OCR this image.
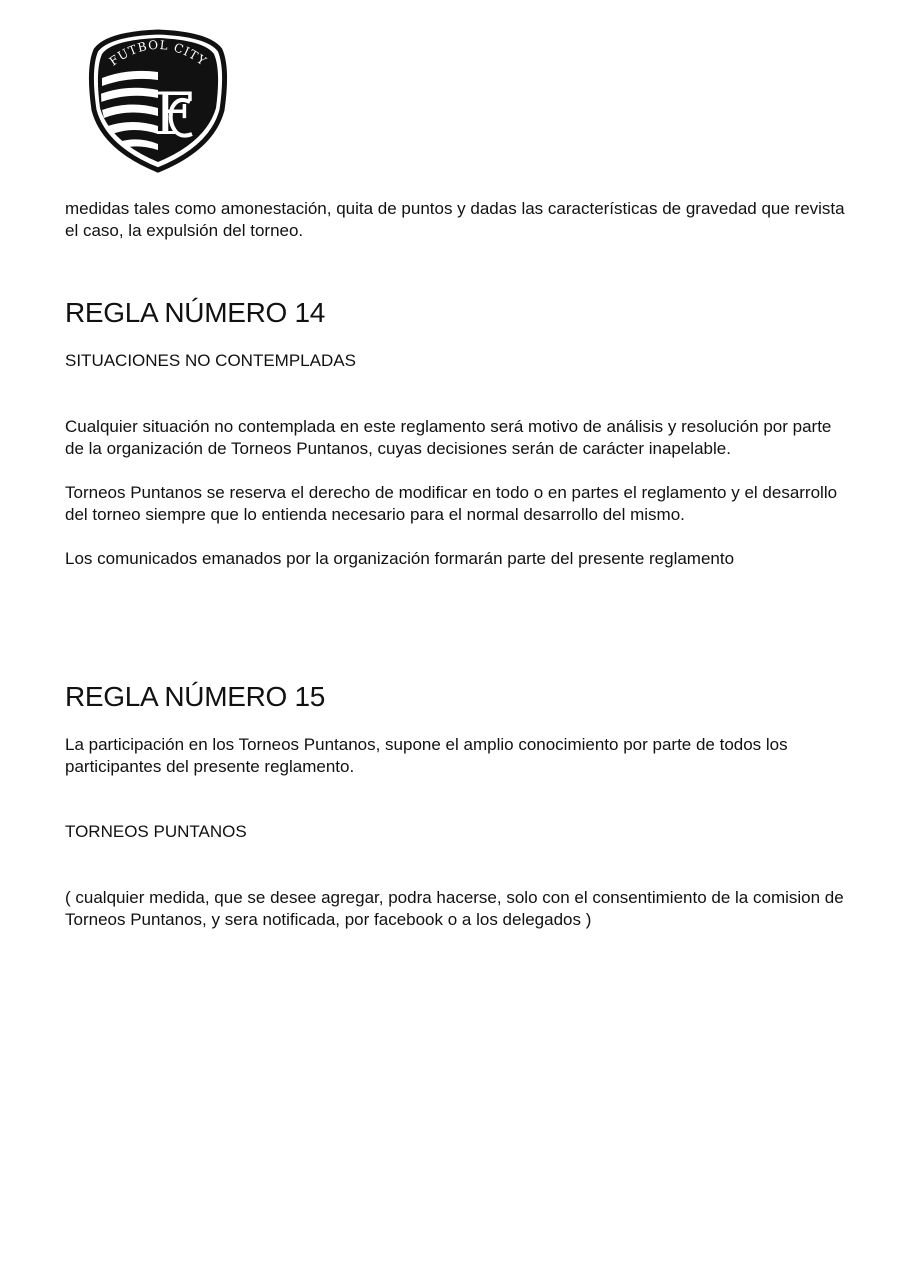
F
FUTBOL CITY

medidas tales como amonestación, quita de puntos y dadas las características de gravedad que revista el caso, la expulsión del torneo.

REGLA NÚMERO 14

SITUACIONES NO CONTEMPLADAS

Cualquier situación no contemplada en este reglamento será motivo de análisis y resolución por parte de la organización de Torneos Puntanos, cuyas decisiones serán de carácter inapelable.

Torneos Puntanos se reserva el derecho de modificar en todo o en partes el reglamento y el desarrollo del torneo siempre que lo entienda necesario para el normal desarrollo del mismo.

Los comunicados emanados por la organización formarán parte del presente reglamento

REGLA NÚMERO 15

La participación en los Torneos Puntanos, supone el amplio conocimiento por parte de todos los participantes del presente reglamento.

TORNEOS PUNTANOS

( cualquier medida, que se desee agregar, podra hacerse, solo con el consentimiento de la comision de Torneos Puntanos, y sera notificada, por facebook o a los delegados )
